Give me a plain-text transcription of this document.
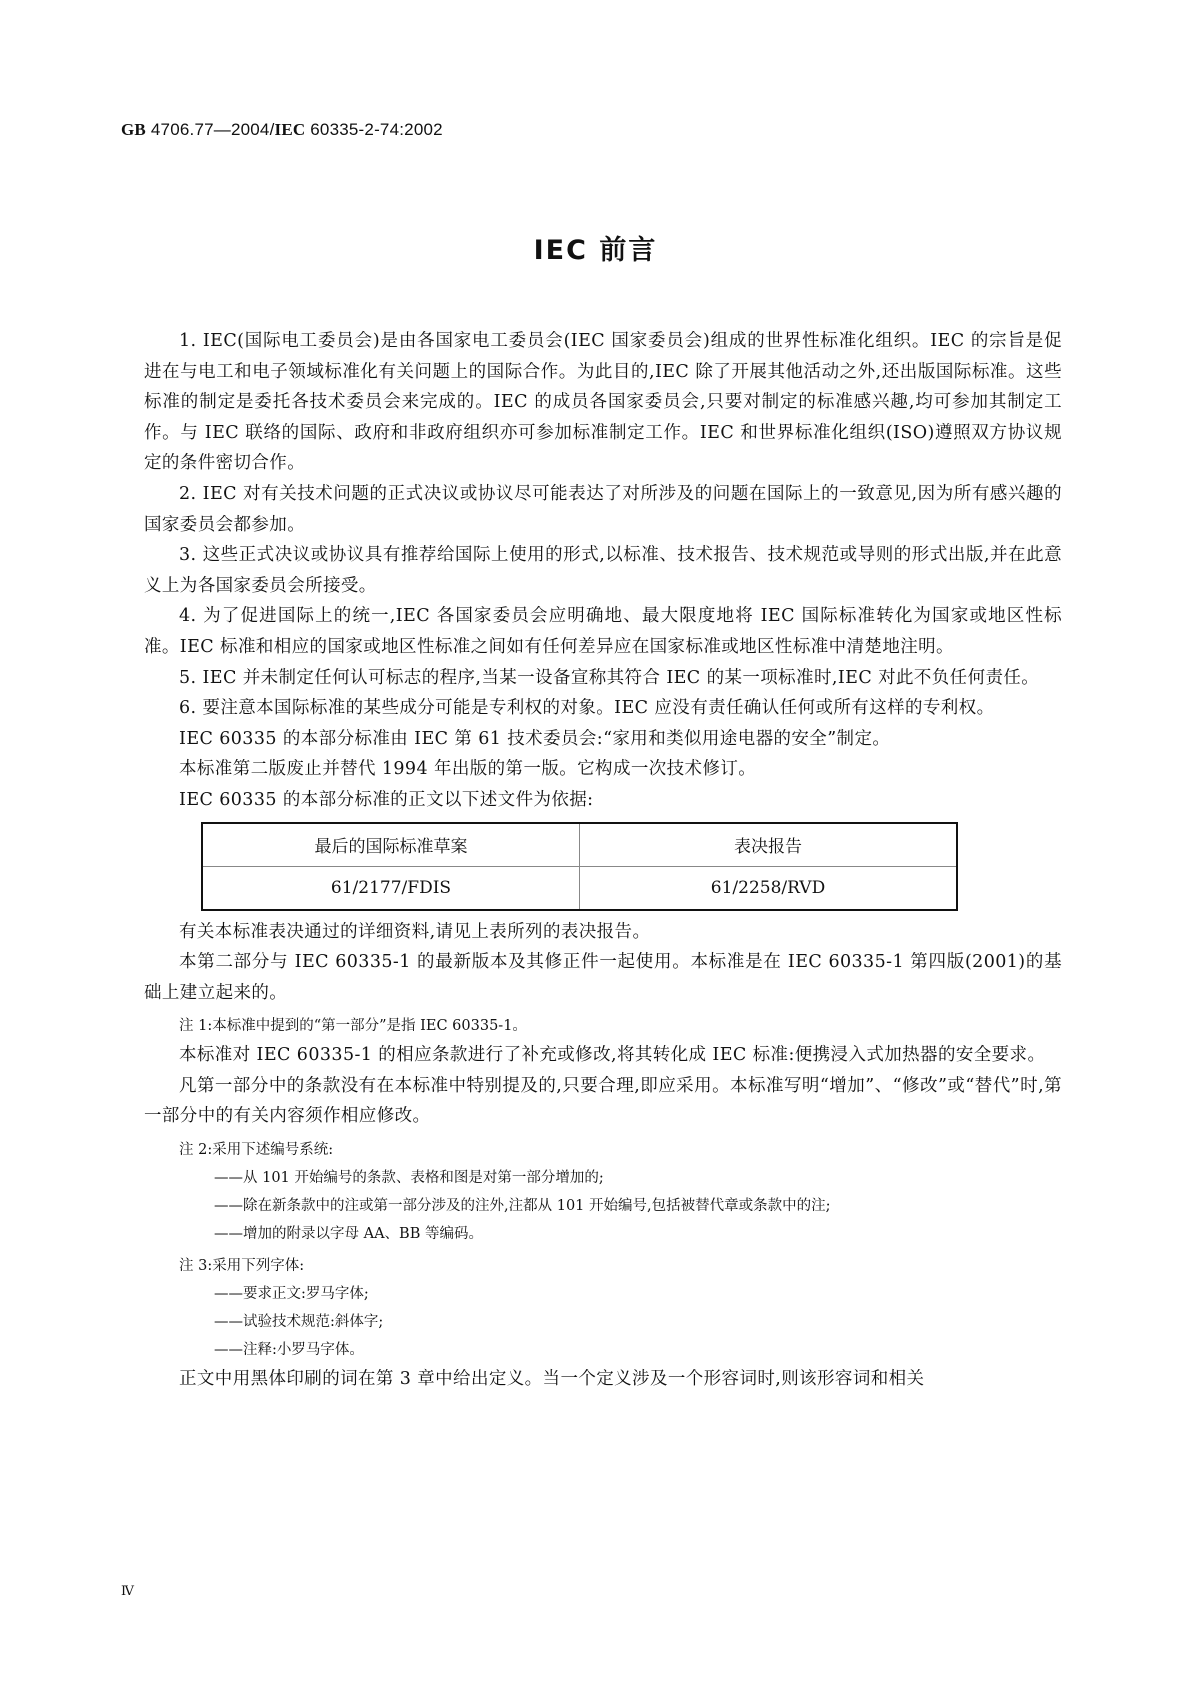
GB 4706.77—2004/IEC 60335-2-74:2002
IEC 前言

1. IEC(国际电工委员会)是由各国家电工委员会(IEC 国家委员会)组成的世界性标准化组织。IEC 的宗旨是促进在与电工和电子领域标准化有关问题上的国际合作。为此目的,IEC 除了开展其他活动之外,还出版国际标准。这些标准的制定是委托各技术委员会来完成的。IEC 的成员各国家委员会,只要对制定的标准感兴趣,均可参加其制定工作。与 IEC 联络的国际、政府和非政府组织亦可参加标准制定工作。IEC 和世界标准化组织(ISO)遵照双方协议规定的条件密切合作。

2. IEC 对有关技术问题的正式决议或协议尽可能表达了对所涉及的问题在国际上的一致意见,因为所有感兴趣的国家委员会都参加。

3. 这些正式决议或协议具有推荐给国际上使用的形式,以标准、技术报告、技术规范或导则的形式出版,并在此意义上为各国家委员会所接受。

4. 为了促进国际上的统一,IEC 各国家委员会应明确地、最大限度地将 IEC 国际标准转化为国家或地区性标准。IEC 标准和相应的国家或地区性标准之间如有任何差异应在国家标准或地区性标准中清楚地注明。

5. IEC 并未制定任何认可标志的程序,当某一设备宣称其符合 IEC 的某一项标准时,IEC 对此不负任何责任。

6. 要注意本国际标准的某些成分可能是专利权的对象。IEC 应没有责任确认任何或所有这样的专利权。

IEC 60335 的本部分标准由 IEC 第 61 技术委员会:“家用和类似用途电器的安全”制定。

本标准第二版废止并替代 1994 年出版的第一版。它构成一次技术修订。

IEC 60335 的本部分标准的正文以下述文件为依据:

最后的国际标准草案	表决报告
61/2177/FDIS	61/2258/RVD

有关本标准表决通过的详细资料,请见上表所列的表决报告。

本第二部分与 IEC 60335-1 的最新版本及其修正件一起使用。本标准是在 IEC 60335-1 第四版(2001)的基础上建立起来的。

注 1:本标准中提到的“第一部分”是指 IEC 60335-1。

本标准对 IEC 60335-1 的相应条款进行了补充或修改,将其转化成 IEC 标准:便携浸入式加热器的安全要求。

凡第一部分中的条款没有在本标准中特别提及的,只要合理,即应采用。本标准写明“增加”、“修改”或“替代”时,第一部分中的有关内容须作相应修改。

注 2:采用下述编号系统:
——从 101 开始编号的条款、表格和图是对第一部分增加的;
——除在新条款中的注或第一部分涉及的注外,注都从 101 开始编号,包括被替代章或条款中的注;
——增加的附录以字母 AA、BB 等编码。
注 3:采用下列字体:
——要求正文:罗马字体;
——试验技术规范:斜体字;
——注释:小罗马字体。

正文中用黑体印刷的词在第 3 章中给出定义。当一个定义涉及一个形容词时,则该形容词和相关

Ⅳ
